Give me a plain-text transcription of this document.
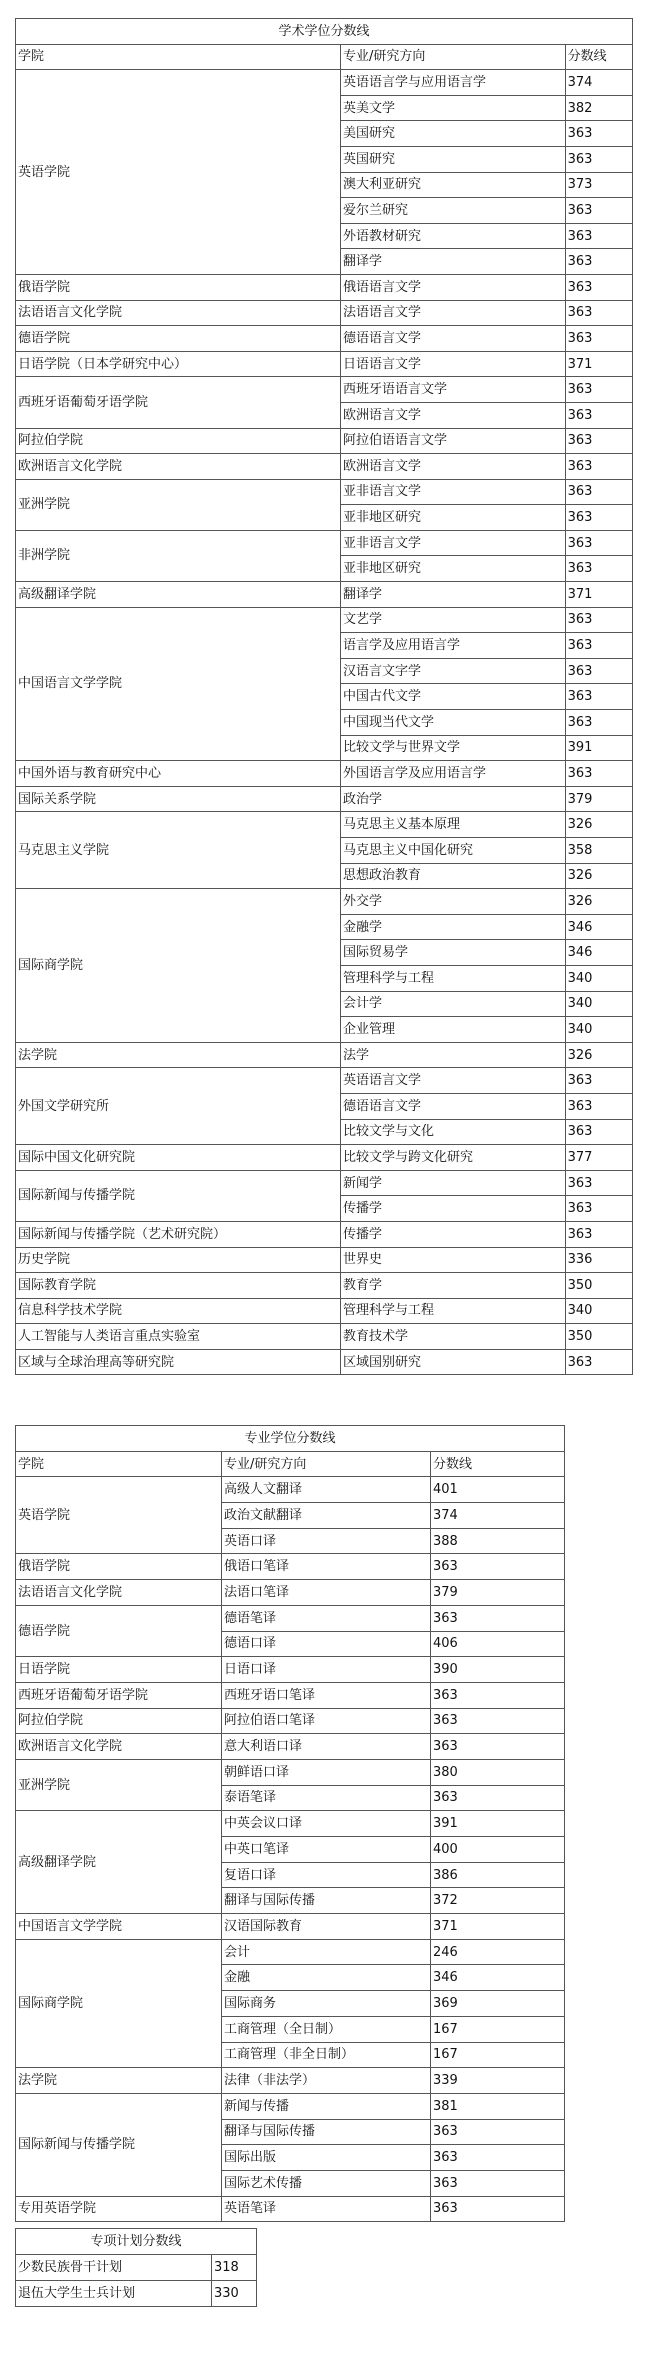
学术学位分数线		
学院	专业/研究方向	分数线
英语学院	英语语言学与应用语言学	374
	英美文学	382
	美国研究	363
	英国研究	363
	澳大利亚研究	373
	爱尔兰研究	363
	外语教材研究	363
	翻译学	363
俄语学院	俄语语言文学	363
法语语言文化学院	法语语言文学	363
德语学院	德语语言文学	363
日语学院（日本学研究中心）	日语语言文学	371
西班牙语葡萄牙语学院	西班牙语语言文学	363
	欧洲语言文学	363
阿拉伯学院	阿拉伯语语言文学	363
欧洲语言文化学院	欧洲语言文学	363
亚洲学院	亚非语言文学	363
	亚非地区研究	363
非洲学院	亚非语言文学	363
	亚非地区研究	363
高级翻译学院	翻译学	371
中国语言文学学院	文艺学	363
	语言学及应用语言学	363
	汉语言文字学	363
	中国古代文学	363
	中国现当代文学	363
	比较文学与世界文学	391
中国外语与教育研究中心	外国语言学及应用语言学	363
国际关系学院	政治学	379
马克思主义学院	马克思主义基本原理	326
	马克思主义中国化研究	358
	思想政治教育	326
国际商学院	外交学	326
	金融学	346
	国际贸易学	346
	管理科学与工程	340
	会计学	340
	企业管理	340
法学院	法学	326
外国文学研究所	英语语言文学	363
	德语语言文学	363
	比较文学与文化	363
国际中国文化研究院	比较文学与跨文化研究	377
国际新闻与传播学院	新闻学	363
	传播学	363
国际新闻与传播学院（艺术研究院）	传播学	363
历史学院	世界史	336
国际教育学院	教育学	350
信息科学技术学院	管理科学与工程	340
人工智能与人类语言重点实验室	教育技术学	350
区域与全球治理高等研究院	区域国别研究	363
专业学位分数线		
学院	专业/研究方向	分数线
英语学院	高级人文翻译	401
	政治文献翻译	374
	英语口译	388
俄语学院	俄语口笔译	363
法语语言文化学院	法语口笔译	379
德语学院	德语笔译	363
	德语口译	406
日语学院	日语口译	390
西班牙语葡萄牙语学院	西班牙语口笔译	363
阿拉伯学院	阿拉伯语口笔译	363
欧洲语言文化学院	意大利语口译	363
亚洲学院	朝鲜语口译	380
	泰语笔译	363
高级翻译学院	中英会议口译	391
	中英口笔译	400
	复语口译	386
	翻译与国际传播	372
中国语言文学学院	汉语国际教育	371
国际商学院	会计	246
	金融	346
	国际商务	369
	工商管理（全日制）	167
	工商管理（非全日制）	167
法学院	法律（非法学）	339
国际新闻与传播学院	新闻与传播	381
	翻译与国际传播	363
	国际出版	363
	国际艺术传播	363
专用英语学院	英语笔译	363
专项计划分数线	
少数民族骨干计划	318
退伍大学生士兵计划	330
